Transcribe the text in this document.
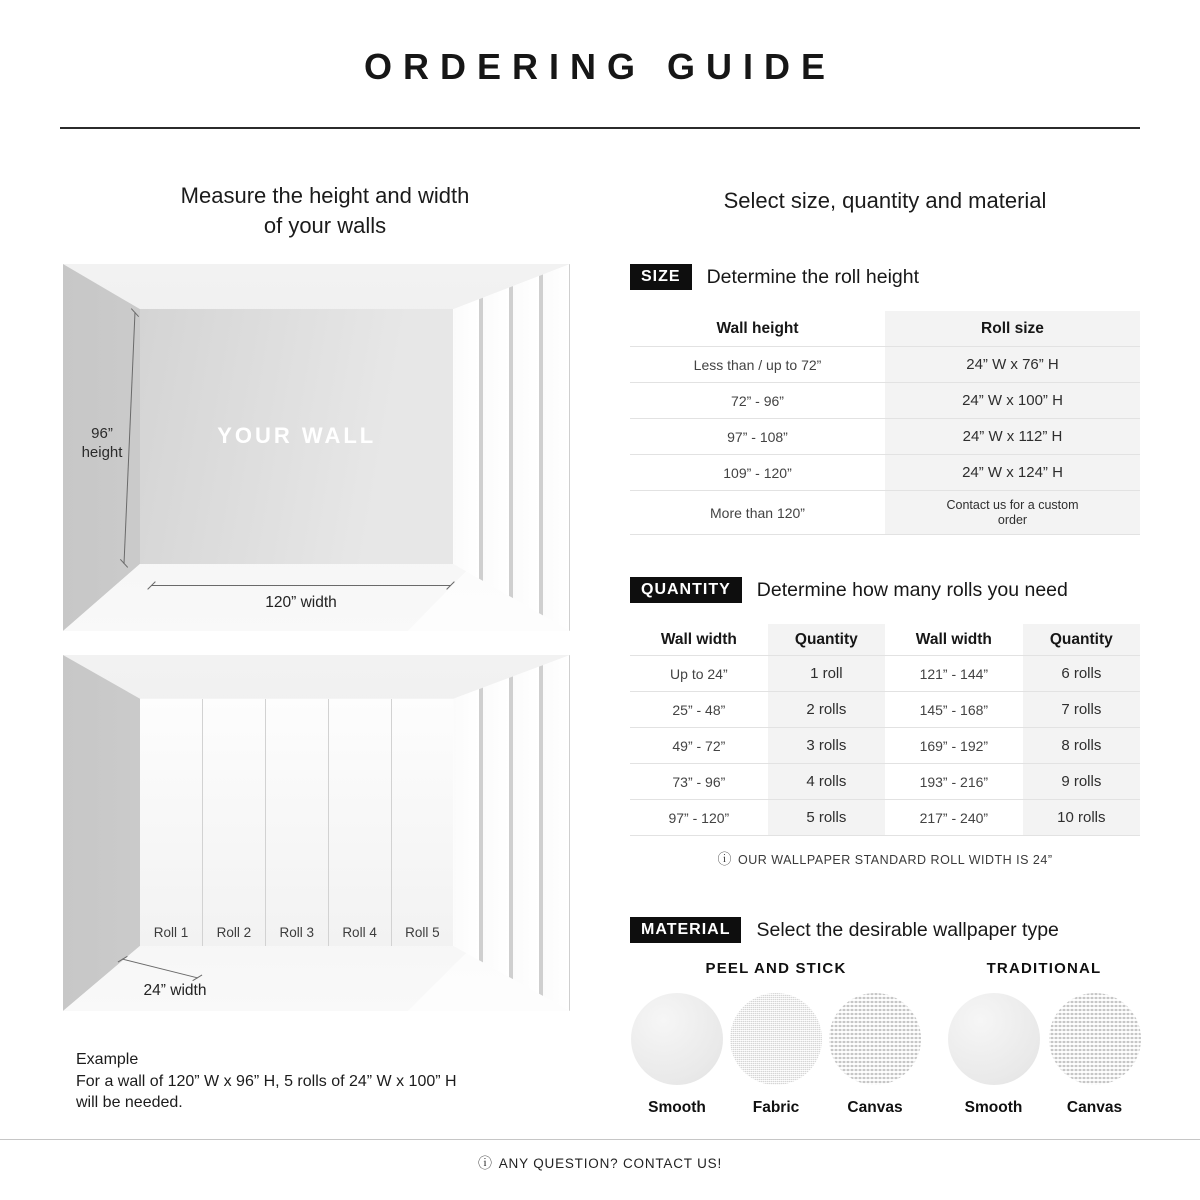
ORDERING GUIDE
Measure the height and width
of your walls
Select size, quantity and material
YOUR WALL
96”
height
120” width
Roll 1	Roll 2	Roll 3	Roll 4	Roll 5
24” width
Example
For a wall of 120” W x 96” H, 5 rolls of 24” W x 100” H
will be needed.
SIZE	Determine the roll height
Wall height	Roll size
Less than / up to 72”	24” W x 76” H
72” - 96”	24” W x 100” H
97” - 108”	24” W x 112” H
109” - 120”	24” W x 124” H
More than 120”	Contact us for a custom order
QUANTITY	Determine how many rolls you need
Wall width	Quantity	Wall width	Quantity
Up to 24”	1 roll	121” - 144”	6 rolls
25” - 48”	2 rolls	145” - 168”	7 rolls
49” - 72”	3 rolls	169” - 192”	8 rolls
73” - 96”	4 rolls	193” - 216”	9 rolls
97” - 120”	5 rolls	217” - 240”	10 rolls
ⓘ OUR WALLPAPER STANDARD ROLL WIDTH IS 24”
MATERIAL	Select the desirable wallpaper type
PEEL AND STICK
Smooth	Fabric	Canvas
TRADITIONAL
Smooth	Canvas
ⓘ ANY QUESTION? CONTACT US!
